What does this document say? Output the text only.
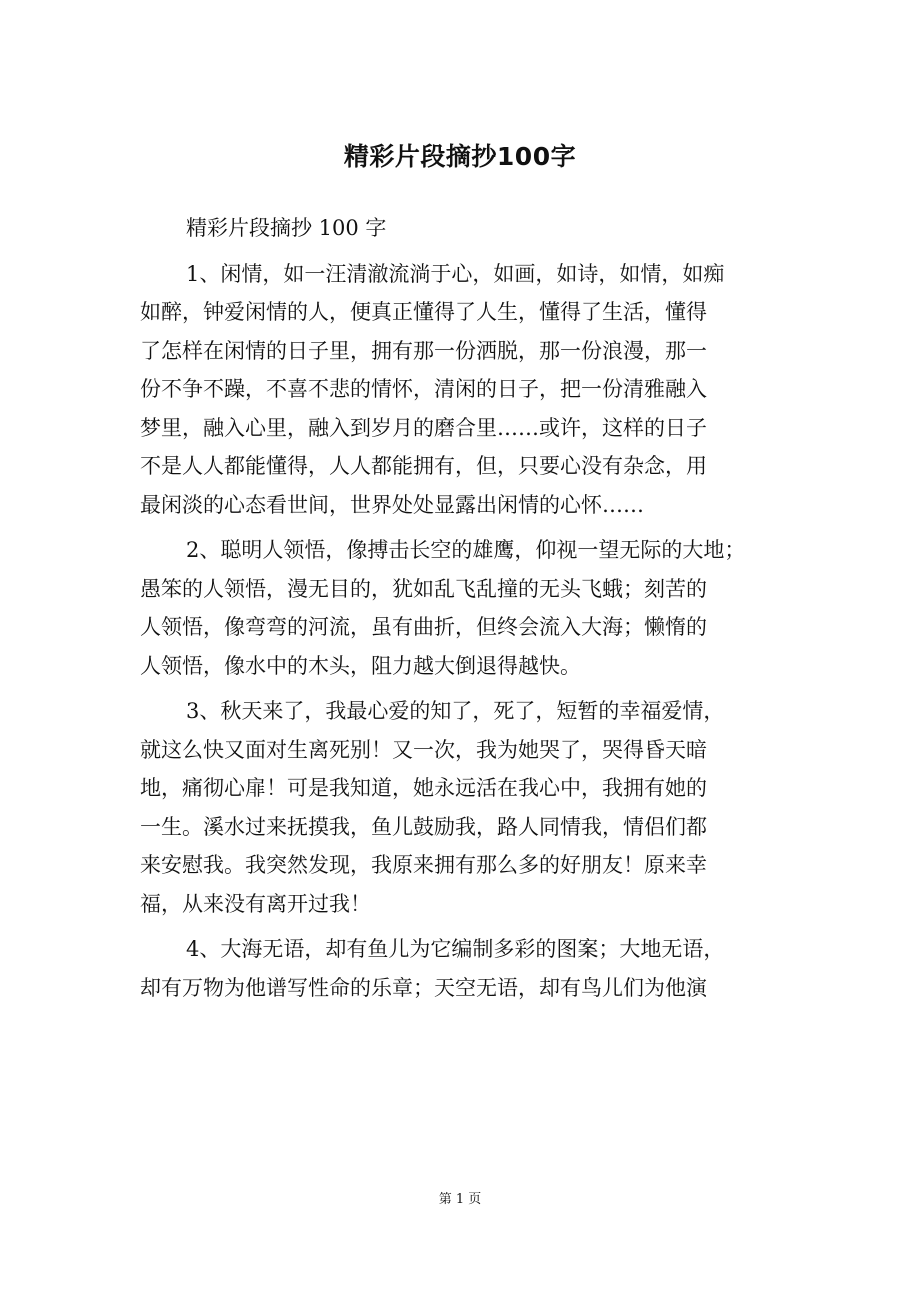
精彩片段摘抄100字
精彩片段摘抄 100 字
1、闲情，如一汪清澈流淌于心，如画，如诗，如情，如痴
如醉，钟爱闲情的人，便真正懂得了人生，懂得了生活，懂得
了怎样在闲情的日子里，拥有那一份洒脱，那一份浪漫，那一
份不争不躁，不喜不悲的情怀，清闲的日子，把一份清雅融入
梦里，融入心里，融入到岁月的磨合里……或许，这样的日子
不是人人都能懂得，人人都能拥有，但，只要心没有杂念，用
最闲淡的心态看世间，世界处处显露出闲情的心怀……
2、聪明人领悟，像搏击长空的雄鹰，仰视一望无际的大地；
愚笨的人领悟，漫无目的，犹如乱飞乱撞的无头飞蛾；刻苦的
人领悟，像弯弯的河流，虽有曲折，但终会流入大海；懒惰的
人领悟，像水中的木头，阻力越大倒退得越快。
3、秋天来了，我最心爱的知了，死了，短暂的幸福爱情，
就这么快又面对生离死别！又一次，我为她哭了，哭得昏天暗
地，痛彻心扉！可是我知道，她永远活在我心中，我拥有她的
一生。溪水过来抚摸我，鱼儿鼓励我，路人同情我，情侣们都
来安慰我。我突然发现，我原来拥有那么多的好朋友！原来幸
福，从来没有离开过我！
4、大海无语，却有鱼儿为它编制多彩的图案；大地无语，
却有万物为他谱写性命的乐章；天空无语，却有鸟儿们为他演
第 1 页
